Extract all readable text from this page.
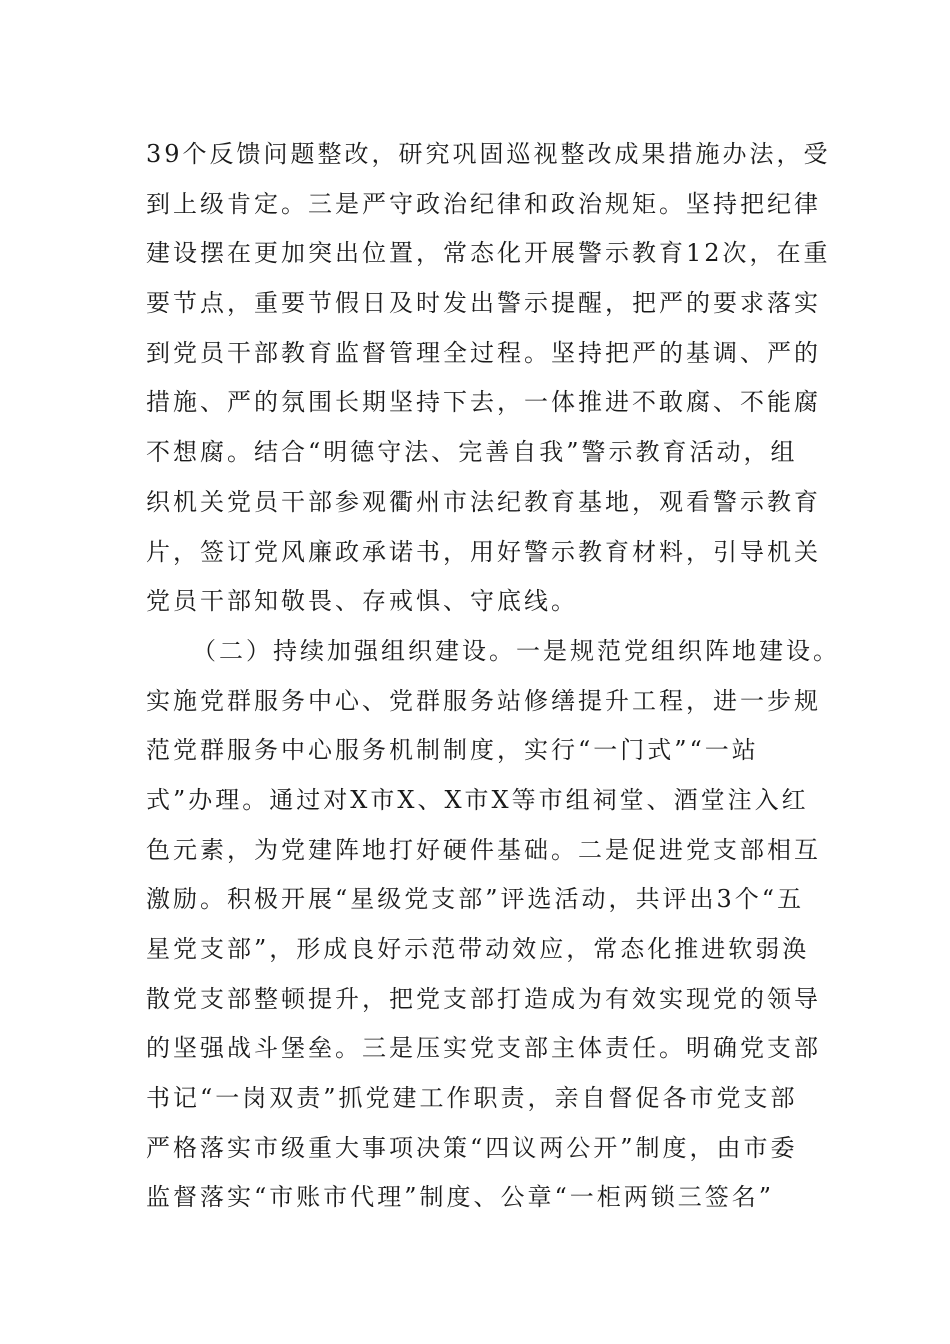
39个反馈问题整改，研究巩固巡视整改成果措施办法，受
到上级肯定。三是严守政治纪律和政治规矩。坚持把纪律
建设摆在更加突出位置，常态化开展警示教育12次，在重
要节点，重要节假日及时发出警示提醒，把严的要求落实
到党员干部教育监督管理全过程。坚持把严的基调、严的
措施、严的氛围长期坚持下去，一体推进不敢腐、不能腐
不想腐。结合“明德守法、完善自我”警示教育活动，组
织机关党员干部参观衢州市法纪教育基地，观看警示教育
片，签订党风廉政承诺书，用好警示教育材料，引导机关
党员干部知敬畏、存戒惧、守底线。
（二）持续加强组织建设。一是规范党组织阵地建设。
实施党群服务中心、党群服务站修缮提升工程，进一步规
范党群服务中心服务机制制度，实行“一门式”“一站
式”办理。通过对X市X、X市X等市组祠堂、酒堂注入红
色元素，为党建阵地打好硬件基础。二是促进党支部相互
激励。积极开展“星级党支部”评选活动，共评出3个“五
星党支部”，形成良好示范带动效应，常态化推进软弱涣
散党支部整顿提升，把党支部打造成为有效实现党的领导
的坚强战斗堡垒。三是压实党支部主体责任。明确党支部
书记“一岗双责”抓党建工作职责，亲自督促各市党支部
严格落实市级重大事项决策“四议两公开”制度，由市委
监督落实“市账市代理”制度、公章“一柜两锁三签名”
